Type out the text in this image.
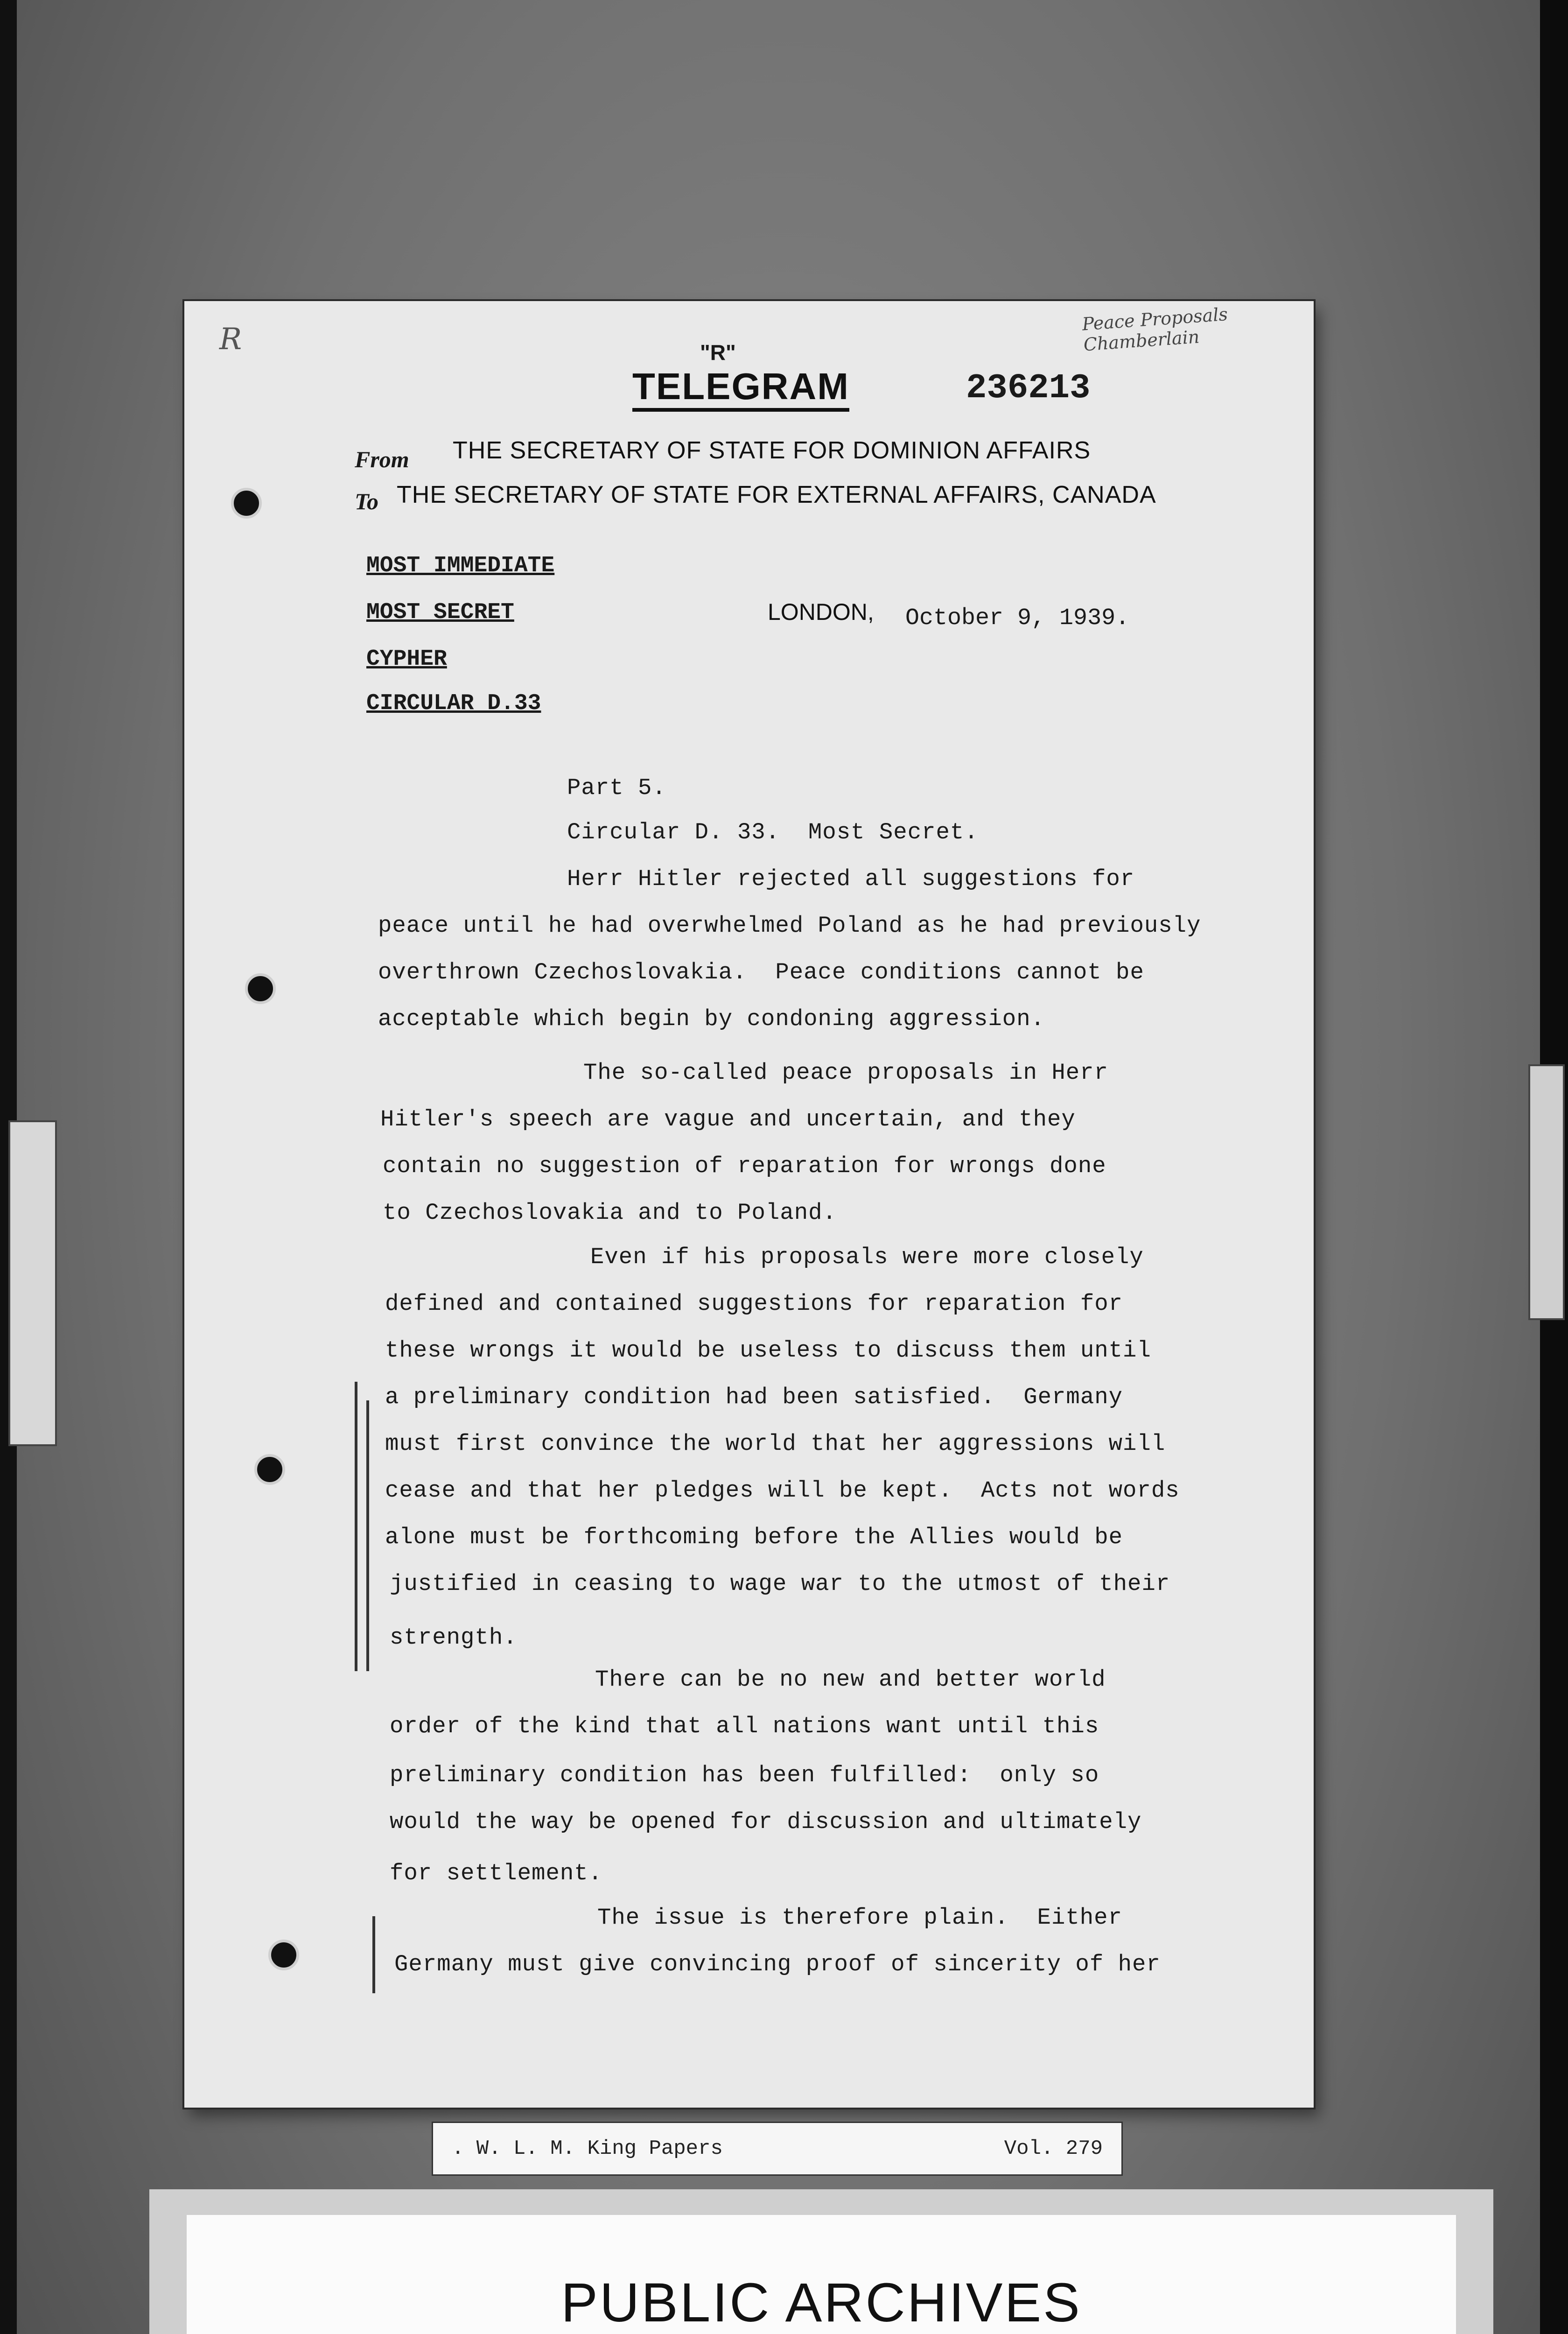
Peace Proposals Chamberlain
R	"R"
TELEGRAM	236213
From THE SECRETARY OF STATE FOR DOMINION AFFAIRS
To THE SECRETARY OF STATE FOR EXTERNAL AFFAIRS, CANADA
MOST IMMEDIATE
MOST SECRET
CYPHER
CIRCULAR D.33
LONDON, October 9, 1939.
Part 5.
Circular D. 33.  Most Secret.
Herr Hitler rejected all suggestions for
peace until he had overwhelmed Poland as he had previously
overthrown Czechoslovakia.  Peace conditions cannot be
acceptable which begin by condoning aggression.
The so-called peace proposals in Herr
Hitler's speech are vague and uncertain, and they
contain no suggestion of reparation for wrongs done
to Czechoslovakia and to Poland.
Even if his proposals were more closely
defined and contained suggestions for reparation for
these wrongs it would be useless to discuss them until
a preliminary condition had been satisfied.  Germany
must first convince the world that her aggressions will
cease and that her pledges will be kept.  Acts not words
alone must be forthcoming before the Allies would be
justified in ceasing to wage war to the utmost of their
strength.
There can be no new and better world
order of the kind that all nations want until this
preliminary condition has been fulfilled:  only so
would the way be opened for discussion and ultimately
for settlement.
The issue is therefore plain.  Either
Germany must give convincing proof of sincerity of her
. W. L. M. King Papers	Vol. 279
PUBLIC ARCHIVES
